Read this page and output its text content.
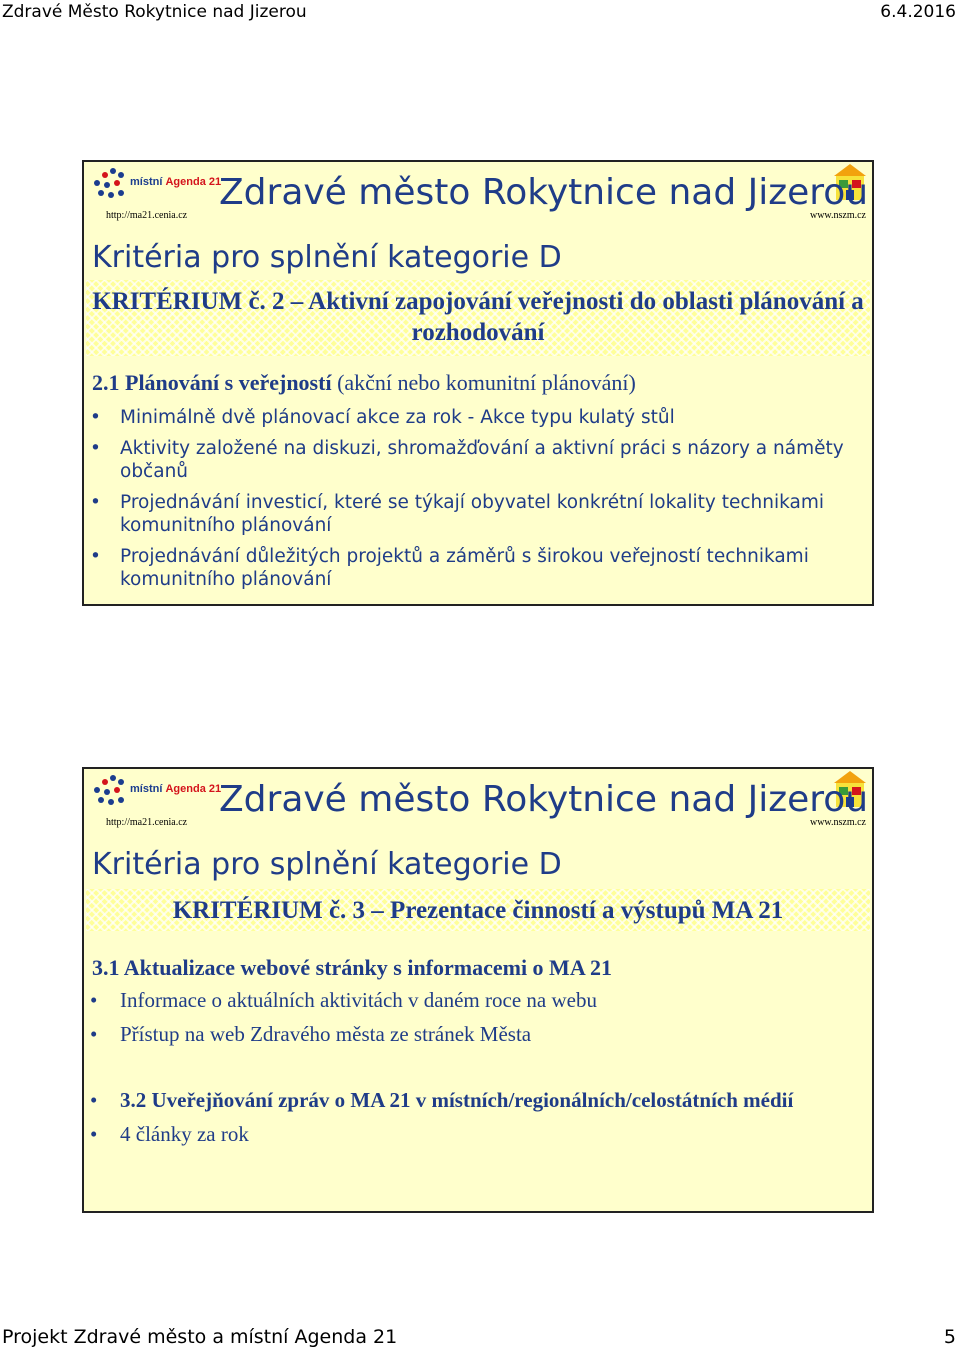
Zdravé Město Rokytnice nad Jizerou	6.4.2016
místní Agenda 21
http://ma21.cenia.cz	www.nszm.cz
Zdravé město Rokytnice nad Jizerou
Kritéria pro splnění kategorie D
KRITÉRIUM č. 2 – Aktivní zapojování veřejnosti do oblasti plánování a rozhodování
2.1 Plánování s veřejností (akční nebo komunitní plánování)
• Minimálně dvě plánovací akce za rok - Akce typu kulatý stůl
• Aktivity založené na diskuzi, shromažďování a aktivní práci s názory a náměty občanů
• Projednávání investicí, které se týkají obyvatel konkrétní lokality technikami komunitního plánování
• Projednávání důležitých projektů a záměrů s širokou veřejností technikami komunitního plánování
místní Agenda 21
http://ma21.cenia.cz	www.nszm.cz
Zdravé město Rokytnice nad Jizerou
Kritéria pro splnění kategorie D
KRITÉRIUM č. 3 – Prezentace činností a výstupů MA 21
3.1 Aktualizace webové stránky s informacemi o MA 21
• Informace o aktuálních aktivitách v daném roce na webu
• Přístup na web Zdravého města ze stránek Města
• 3.2 Uveřejňování zpráv o MA 21 v místních/regionálních/celostátních médií
• 4 články za rok
Projekt Zdravé město a místní Agenda 21	5
